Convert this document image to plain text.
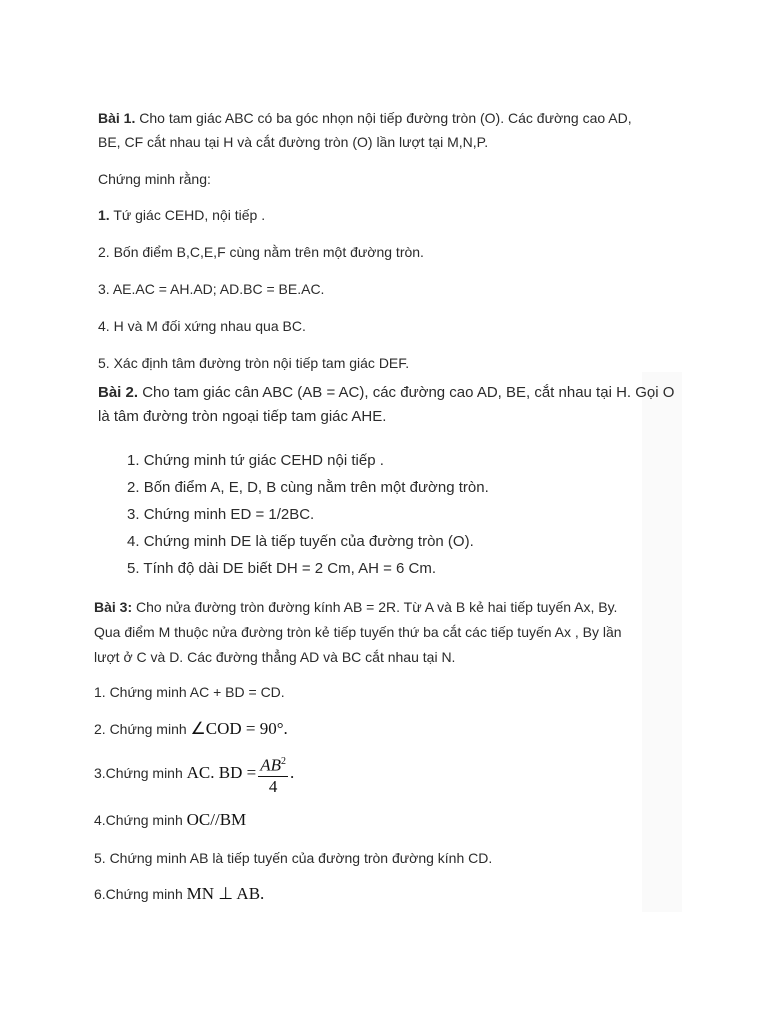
Bài 1. Cho tam giác ABC có ba góc nhọn nội tiếp đường tròn (O). Các đường cao AD,
BE, CF cắt nhau tại H và cắt đường tròn (O) lần lượt tại M,N,P.
Chứng minh rằng:
1. Tứ giác CEHD, nội tiếp .
2. Bốn điểm B,C,E,F cùng nằm trên một đường tròn.
3. AE.AC = AH.AD; AD.BC = BE.AC.
4. H và M đối xứng nhau qua BC.
5. Xác định tâm đường tròn nội tiếp tam giác DEF.
Bài 2. Cho tam giác cân ABC (AB = AC), các đường cao AD, BE, cắt nhau tại H. Gọi O
là tâm đường tròn ngoại tiếp tam giác AHE.
1. Chứng minh tứ giác CEHD nội tiếp .
2. Bốn điểm A, E, D, B cùng nằm trên một đường tròn.
3. Chứng minh ED = 1/2BC.
4. Chứng minh DE là tiếp tuyến của đường tròn (O).
5. Tính độ dài DE biết DH = 2 Cm, AH = 6 Cm.
Bài 3: Cho nửa đường tròn đường kính AB = 2R. Từ A và B kẻ hai tiếp tuyến Ax, By.
Qua điểm M thuộc nửa đường tròn kẻ tiếp tuyến thứ ba cắt các tiếp tuyến Ax , By lần
lượt ở C và D. Các đường thẳng AD và BC cắt nhau tại N.
1. Chứng minh AC + BD = CD.
2. Chứng minh ∠COD = 90°.
3.Chứng minh AC. BD = $\frac{AB^2}{4}$ .
4.Chứng minh OC//BM
5. Chứng minh AB là tiếp tuyến của đường tròn đường kính CD.
6.Chứng minh MN ⊥ AB.
